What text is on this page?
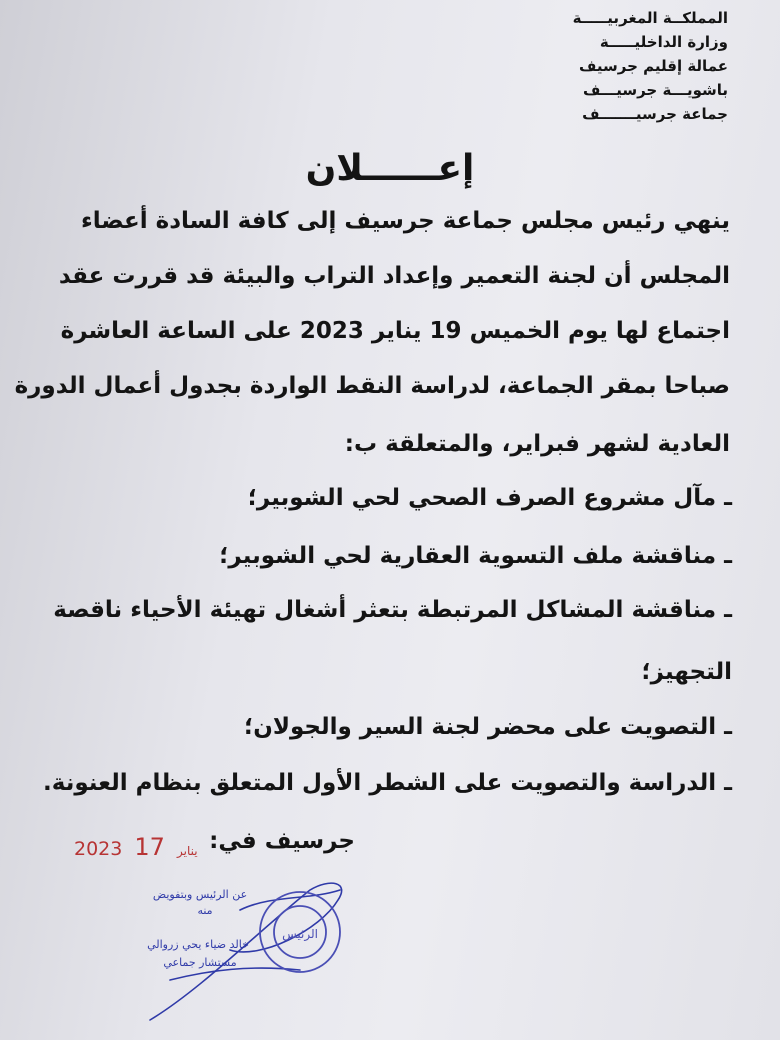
المملكــة المغربيـــــة
وزارة الداخليـــــة
عمالة إقليم جرسيف
باشويـــة جرسيـــف
جماعة جرسيـــــــف
إعــــــلان
ينهي رئيس مجلس جماعة جرسيف إلى كافة السادة أعضاء
المجلس أن لجنة التعمير وإعداد التراب والبيئة قد قررت عقد
اجتماع لها يوم الخميس 19 يناير 2023 على الساعة العاشرة
صباحا بمقر الجماعة، لدراسة النقط الواردة بجدول أعمال الدورة
العادية لشهر فبراير، والمتعلقة ب:
ـ مآل مشروع الصرف الصحي لحي الشوبير؛
ـ مناقشة ملف التسوية العقارية لحي الشوبير؛
ـ مناقشة المشاكل المرتبطة بتعثر أشغال تهيئة الأحياء ناقصة
التجهيز؛
ـ التصويت على محضر لجنة السير والجولان؛
ـ الدراسة والتصويت على الشطر الأول المتعلق بنظام العنونة.
جرسيف في:
2023	يناير 17
الرئيس
عن الرئيس وبتفويض
منه
خالد ضياء يحي زروالي
مستشار جماعي
